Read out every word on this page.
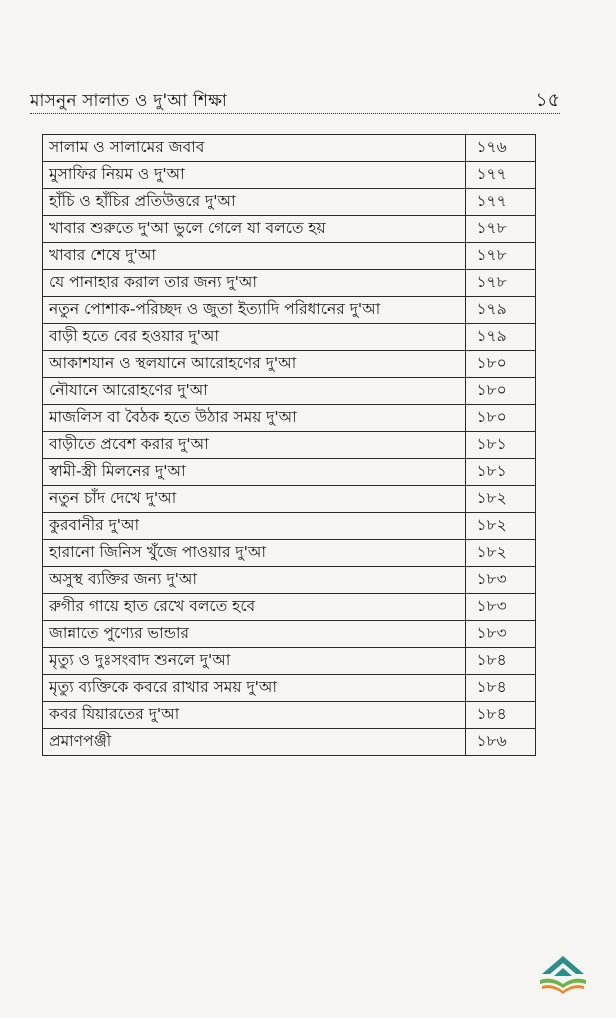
মাসনুন সালাত ও দু'আ শিক্ষা	১৫
সালাম ও সালামের জবাব	১৭৬
মুসাফির নিয়ম ও দু'আ	১৭৭
হাঁচি ও হাঁচির প্রতিউত্তরে দু'আ	১৭৭
খাবার শুরুতে দু'আ ভুলে গেলে যা বলতে হয়	১৭৮
খাবার শেষে দু'আ	১৭৮
যে পানাহার করাল তার জন্য দু'আ	১৭৮
নতুন পোশাক-পরিচ্ছদ ও জুতা ইত্যাদি পরিধানের দু'আ	১৭৯
বাড়ী হতে বের হওয়ার দু'আ	১৭৯
আকাশযান ও স্থলযানে আরোহণের দু'আ	১৮০
নৌযানে আরোহণের দু'আ	১৮০
মাজলিস বা বৈঠক হতে উঠার সময় দু'আ	১৮০
বাড়ীতে প্রবেশ করার দু'আ	১৮১
স্বামী-স্ত্রী মিলনের দু'আ	১৮১
নতুন চাঁদ দেখে দু'আ	১৮২
কুরবানীর দু'আ	১৮২
হারানো জিনিস খুঁজে পাওয়ার দু'আ	১৮২
অসুস্থ ব্যক্তির জন্য দু'আ	১৮৩
রুগীর গায়ে হাত রেখে বলতে হবে	১৮৩
জান্নাতে পুণ্যের ভান্ডার	১৮৩
মৃত্যু ও দুঃসংবাদ শুনলে দু'আ	১৮৪
মৃত্যু ব্যক্তিকে কবরে রাখার সময় দু'আ	১৮৪
কবর যিয়ারতের দু'আ	১৮৪
প্রমাণপঞ্জী	১৮৬
